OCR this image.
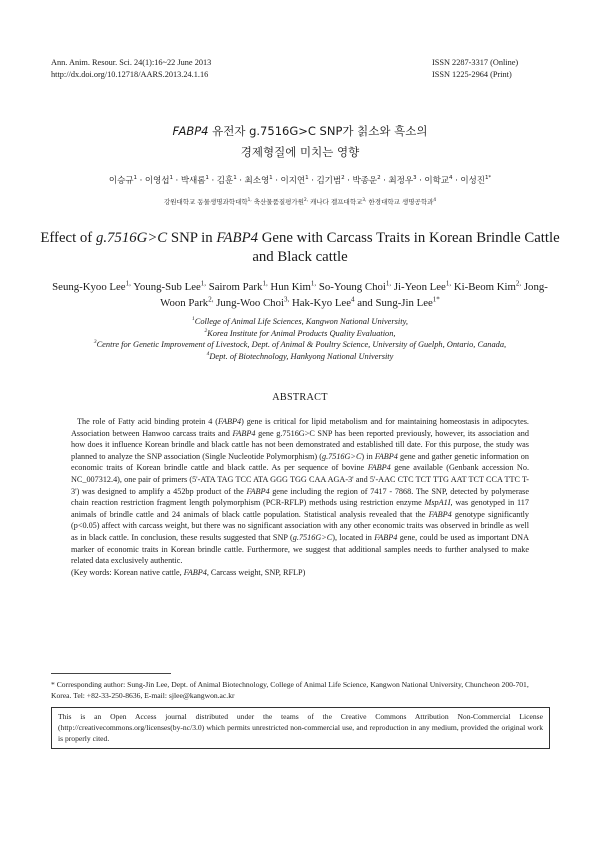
Ann. Anim. Resour. Sci. 24(1):16~22 June 2013
http://dx.doi.org/10.12718/AARS.2013.24.1.16
ISSN 2287-3317 (Online)
ISSN 1225-2964 (Print)
FABP4 유전자 g.7516G>C SNP가 칡소와 흑소의
경제형질에 미치는 영향
이승규$^1$ · 이영섭$^1$ · 박새롬$^1$ · 김훈$^1$ · 최소영$^1$ · 이지연$^1$ · 김기범$^2$ · 박종운$^2$ · 최정우$^3$ · 이학교$^4$ · 이성진$^{1*}$
강원대학교 동물생명과학대학$^{1,}$ 축산물품질평가원$^{2,}$ 캐나다 겔프대학교$^{3,}$ 한경대학교 생명공학과$^4$
Effect of g.7516G>C SNP in FABP4 Gene with Carcass Traits in Korean Brindle Cattle and Black cattle
Seung-Kyoo Lee$^{1,}$ Young-Sub Lee$^{1,}$ Sairom Park$^{1,}$ Hun Kim$^{1,}$ So-Young Choi$^{1,}$ Ji-Yeon Lee$^{1,}$ Ki-Beom Kim$^{2,}$ Jong-Woon Park$^{2,}$ Jung-Woo Choi$^{3,}$ Hak-Kyo Lee$^4$ and Sung-Jin Lee$^{1*}$
$^1$College of Animal Life Sciences, Kangwon National University,
$^2$Korea Institute for Animal Products Quality Evaluation,
$^3$Centre for Genetic Improvement of Livestock, Dept. of Animal & Poultry Science, University of Guelph, Ontario, Canada,
$^4$Dept. of Biotechnology, Hankyong National University
ABSTRACT

The role of Fatty acid binding protein 4 (FABP4) gene is critical for lipid metabolism and for maintaining homeostasis in adipocytes. Association between Hanwoo carcass traits and FABP4 gene g.7516G>C SNP has been reported previously, however, its association and how does it influence Korean brindle and black cattle has not been demonstrated and established till date. For this purpose, the study was planned to analyze the SNP association (Single Nucleotide Polymorphism) (g.7516G>C) in FABP4 gene and gather genetic information on economic traits of Korean brindle cattle and black cattle. As per sequence of bovine FABP4 gene available (Genbank accession No. NC_007312.4), one pair of primers (5'-ATA TAG TCC ATA GGG TGG CAA AGA-3' and 5'-AAC CTC TCT TTG AAT TCT CCA TTC T-3') was designed to amplify a 452bp product of the FABP4 gene including the region of 7417 - 7868. The SNP, detected by polymerase chain reaction restriction fragment length polymorphism (PCR-RFLP) methods using restriction enzyme MspA1I, was genotyped in 117 animals of brindle cattle and 24 animals of black cattle population. Statistical analysis revealed that the FABP4 genotype significantly (p<0.05) affect with carcass weight, but there was no significant association with any other economic traits was observed in brindle as well as in black cattle. In conclusion, these results suggested that SNP (g.7516G>C), located in FABP4 gene, could be used as important DNA marker of economic traits in Korean brindle cattle. Furthermore, we suggest that additional samples needs to further analysed to make related data exclusively authentic.

(Key words: Korean native cattle, FABP4, Carcass weight, SNP, RFLP)
* Corresponding author: Sung-Jin Lee, Dept. of Animal Biotechnology, College of Animal Life Science, Kangwon National University, Chuncheon 200-701, Korea. Tel: +82-33-250-8636, E-mail: sjlee@kangwon.ac.kr
This is an Open Access journal distributed under the teams of the Creative Commons Attribution Non-Commercial License (http://creativecommons.org/licenses(by-nc/3.0) which permits unrestricted non-commercial use, and reproduction in any medium, provided the original work is properly cited.
